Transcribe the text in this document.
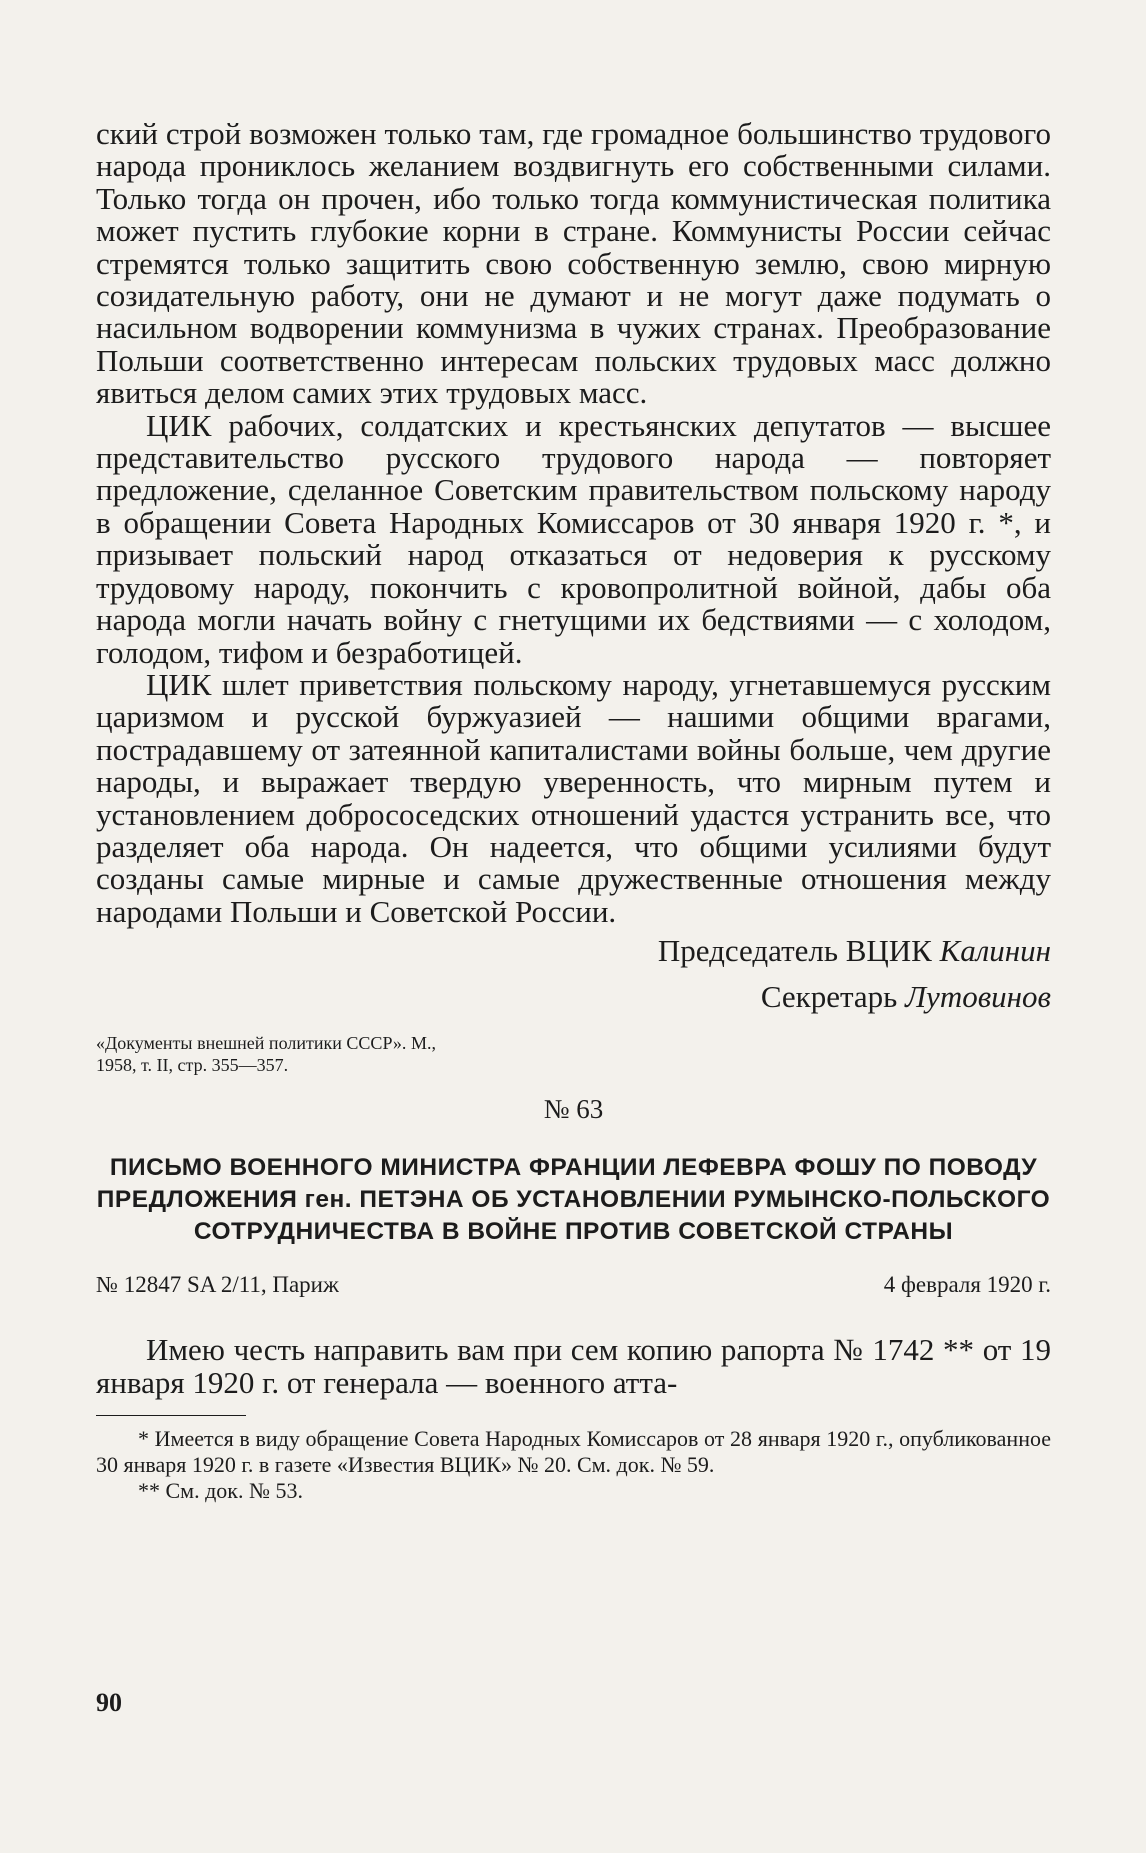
ский строй возможен только там, где громадное большинство трудового народа прониклось желанием воздвигнуть его собственными силами. Только тогда он прочен, ибо только тогда коммунистическая политика может пустить глубокие корни в стране. Коммунисты России сейчас стремятся только защитить свою собственную землю, свою мирную созидательную работу, они не думают и не могут даже подумать о насильном водворении коммунизма в чужих странах. Преобразование Польши соответственно интересам польских трудовых масс должно явиться делом самих этих трудовых масс.

ЦИК рабочих, солдатских и крестьянских депутатов — высшее представительство русского трудового народа — повторяет предложение, сделанное Советским правительством польскому народу в обращении Совета Народных Комиссаров от 30 января 1920 г. *, и призывает польский народ отказаться от недоверия к русскому трудовому народу, покончить с кровопролитной войной, дабы оба народа могли начать войну с гнетущими их бедствиями — с холодом, голодом, тифом и безработицей.

ЦИК шлет приветствия польскому народу, угнетавшемуся русским царизмом и русской буржуазией — нашими общими врагами, пострадавшему от затеянной капиталистами войны больше, чем другие народы, и выражает твердую уверенность, что мирным путем и установлением добрососедских отношений удастся устранить все, что разделяет оба народа. Он надеется, что общими усилиями будут созданы самые мирные и самые дружественные отношения между народами Польши и Советской России.

Председатель ВЦИК Калинин
Секретарь Лутовинов
«Документы внешней политики СССР». М., 1958, т. II, стр. 355—357.
№ 63
ПИСЬМО ВОЕННОГО МИНИСТРА ФРАНЦИИ ЛЕФЕВРА ФОШУ ПО ПОВОДУ ПРЕДЛОЖЕНИЯ ген. ПЕТЭНА ОБ УСТАНОВЛЕНИИ РУМЫНСКО-ПОЛЬСКОГО СОТРУДНИЧЕСТВА В ВОЙНЕ ПРОТИВ СОВЕТСКОЙ СТРАНЫ
№ 12847 SA 2/11, Париж	4 февраля 1920 г.

Имею честь направить вам при сем копию рапорта № 1742 ** от 19 января 1920 г. от генерала — военного атта-

* Имеется в виду обращение Совета Народных Комиссаров от 28 января 1920 г., опубликованное 30 января 1920 г. в газете «Известия ВЦИК» № 20. См. док. № 59.
** См. док. № 53.
90
